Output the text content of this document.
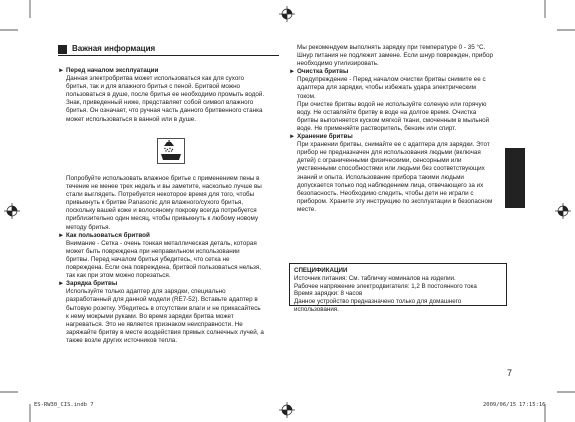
Важная информация

► Перед началом эксплуатации

Данная электробритва может использоваться как для сухого

бритья, так и для влажного бритья с пеной. Бритвой можно

пользоваться в душе, после бритья ее необходимо промыть водой.

Знак, приведенный ниже, представляет собой символ влажного

бритья. Он означает, что ручная часть данного бритвенного станка

может использоваться в ванной или в душе.

Попробуйте использовать влажное бритье с применением пены в

течение не менее трех недель и вы заметите, насколько лучше вы

стали выглядеть. Потребуется некоторое время для того, чтобы

привыкнуть к бритве Panasonic для влажного/сухого бритья,

поскольку вашей коже и волосяному покрову всегда потребуется

приблизительно один месяц, чтобы привыкнуть к любому новому

методу бритья.

► Как пользоваться бритвой

Внимание - Сетка - очень тонкая металлическая деталь, которая

может быть повреждена при неправильном использовании

бритвы. Перед началом бритья убедитесь, что сетка не

повреждена. Если она повреждена, бритвой пользоваться нельзя,

так как при этом можно порезаться.

► Зарядка бритвы

Используйте только адаптер для зарядки, специально

разработанный для данной модели (RE7-52). Вставьте адаптер в

бытовую розетку. Убедитесь в отсутствии влаги и не прикасайтесь

к нему мокрыми руками. Во время зарядки бритва может

нагреваться. Это не является признаком неисправности. Не

заряжайте бритву в месте воздействия прямых солнечных лучей, а

также возле других источников тепла.

Мы рекомендуем выполнять зарядку при температуре 0 - 35 °C.

Шнур питания не подлежит замене. Если шнур поврежден, прибор

необходимо утилизировать.

► Очистка бритвы

Предупреждение - Перед началом очистки бритвы снимите ее с

адаптера для зарядки, чтобы избежать удара электрическим

током.

При очистке бритвы водой не используйте соленую или горячую

воду. Не оставляйте бритву в воде на долгое время. Очистка

бритвы выполняется куском мягкой ткани, смоченным в мыльной

воде. Не применяйте растворитель, бензин или спирт.

► Хранение бритвы

При хранении бритвы, снимайте ее с адаптера для зарядки. Этот

прибор не предназначен для использования людьми (включая

детей) с ограниченными физическими, сенсорными или

умственными способностями или людьми без соответствующих

знаний и опыта. Использование прибора такими людьми

допускается только под наблюдением лица, отвечающего за их

безопасность. Необходимо следить, чтобы дети не играли с

прибором. Храните эту инструкцию по эксплуатации в безопасном

месте.

СПЕЦИФИКАЦИИ

Источник питания: См. табличку номиналов на изделии.

Рабочее напряжение электродвигателя: 1,2 В постоянного тока

Время зарядки: 8 часов

Данное устройство предназначено только для домашнего

использования.

Русский
7
ES-RW30_CIS.indb 7	2009/06/15 17:15:16
